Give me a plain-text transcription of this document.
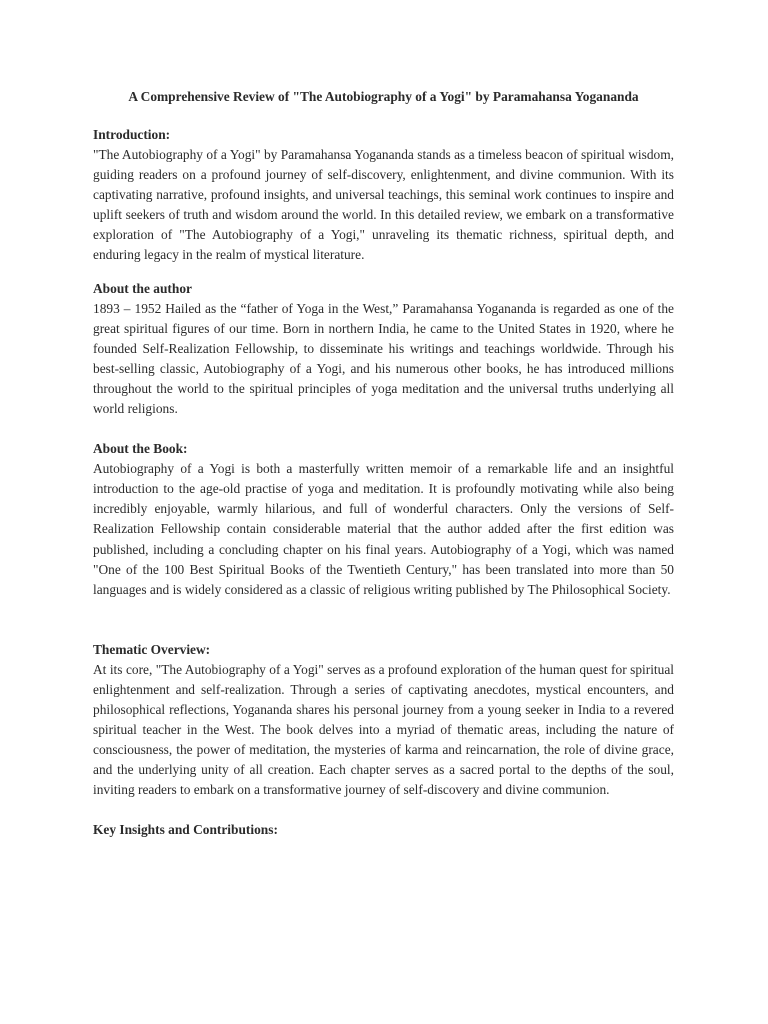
A Comprehensive Review of "The Autobiography of a Yogi" by Paramahansa Yogananda
Introduction:

"The Autobiography of a Yogi" by Paramahansa Yogananda stands as a timeless beacon of spiritual wisdom, guiding readers on a profound journey of self-discovery, enlightenment, and divine communion. With its captivating narrative, profound insights, and universal teachings, this seminal work continues to inspire and uplift seekers of truth and wisdom around the world. In this detailed review, we embark on a transformative exploration of "The Autobiography of a Yogi," unraveling its thematic richness, spiritual depth, and enduring legacy in the realm of mystical literature.

About the author

1893 – 1952 Hailed as the “father of Yoga in the West,” Paramahansa Yogananda is regarded as one of the great spiritual figures of our time. Born in northern India, he came to the United States in 1920, where he founded Self-Realization Fellowship, to disseminate his writings and teachings worldwide. Through his best-selling classic, Autobiography of a Yogi, and his numerous other books, he has introduced millions throughout the world to the spiritual principles of yoga meditation and the universal truths underlying all world religions.

About the Book:

Autobiography of a Yogi is both a masterfully written memoir of a remarkable life and an insightful introduction to the age-old practise of yoga and meditation. It is profoundly motivating while also being incredibly enjoyable, warmly hilarious, and full of wonderful characters. Only the versions of Self-Realization Fellowship contain considerable material that the author added after the first edition was published, including a concluding chapter on his final years. Autobiography of a Yogi, which was named "One of the 100 Best Spiritual Books of the Twentieth Century," has been translated into more than 50 languages and is widely considered as a classic of religious writing published by The Philosophical Society.

Thematic Overview:

At its core, "The Autobiography of a Yogi" serves as a profound exploration of the human quest for spiritual enlightenment and self-realization. Through a series of captivating anecdotes, mystical encounters, and philosophical reflections, Yogananda shares his personal journey from a young seeker in India to a revered spiritual teacher in the West. The book delves into a myriad of thematic areas, including the nature of consciousness, the power of meditation, the mysteries of karma and reincarnation, the role of divine grace, and the underlying unity of all creation. Each chapter serves as a sacred portal to the depths of the soul, inviting readers to embark on a transformative journey of self-discovery and divine communion.

Key Insights and Contributions:
